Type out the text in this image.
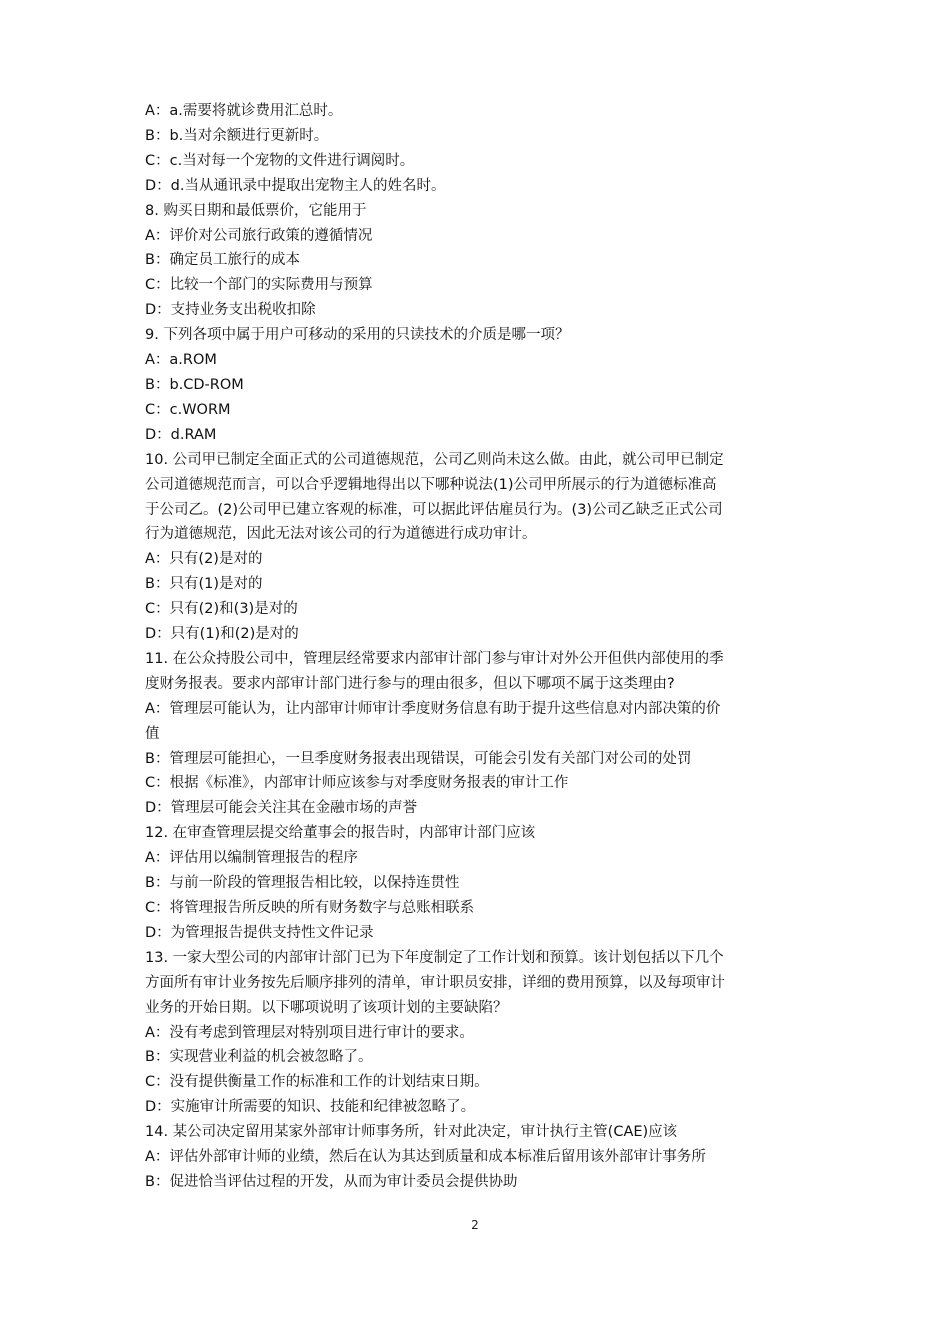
A：a.需要将就诊费用汇总时。
B：b.当对余额进行更新时。
C：c.当对每一个宠物的文件进行调阅时。
D：d.当从通讯录中提取出宠物主人的姓名时。
8. 购买日期和最低票价，它能用于
A：评价对公司旅行政策的遵循情况
B：确定员工旅行的成本
C：比较一个部门的实际费用与预算
D：支持业务支出税收扣除
9. 下列各项中属于用户可移动的采用的只读技术的介质是哪一项？
A：a.ROM
B：b.CD-ROM
C：c.WORM
D：d.RAM
10. 公司甲已制定全面正式的公司道德规范，公司乙则尚未这么做。由此，就公司甲已制定
公司道德规范而言，可以合乎逻辑地得出以下哪种说法(1)公司甲所展示的行为道德标准高
于公司乙。(2)公司甲已建立客观的标准，可以据此评估雇员行为。(3)公司乙缺乏正式公司
行为道德规范，因此无法对该公司的行为道德进行成功审计。
A：只有(2)是对的
B：只有(1)是对的
C：只有(2)和(3)是对的
D：只有(1)和(2)是对的
11. 在公众持股公司中，管理层经常要求内部审计部门参与审计对外公开但供内部使用的季
度财务报表。要求内部审计部门进行参与的理由很多，但以下哪项不属于这类理由?
A：管理层可能认为，让内部审计师审计季度财务信息有助于提升这些信息对内部决策的价
值
B：管理层可能担心，一旦季度财务报表出现错误，可能会引发有关部门对公司的处罚
C：根据《标准》，内部审计师应该参与对季度财务报表的审计工作
D：管理层可能会关注其在金融市场的声誉
12. 在审查管理层提交给董事会的报告时，内部审计部门应该
A：评估用以编制管理报告的程序
B：与前一阶段的管理报告相比较，以保持连贯性
C：将管理报告所反映的所有财务数字与总账相联系
D：为管理报告提供支持性文件记录
13. 一家大型公司的内部审计部门已为下年度制定了工作计划和预算。该计划包括以下几个
方面所有审计业务按先后顺序排列的清单，审计职员安排，详细的费用预算，以及每项审计
业务的开始日期。以下哪项说明了该项计划的主要缺陷？
A：没有考虑到管理层对特别项目进行审计的要求。
B：实现营业利益的机会被忽略了。
C：没有提供衡量工作的标准和工作的计划结束日期。
D：实施审计所需要的知识、技能和纪律被忽略了。
14. 某公司决定留用某家外部审计师事务所，针对此决定，审计执行主管(CAE)应该
A：评估外部审计师的业绩，然后在认为其达到质量和成本标准后留用该外部审计事务所
B：促进恰当评估过程的开发，从而为审计委员会提供协助
2
